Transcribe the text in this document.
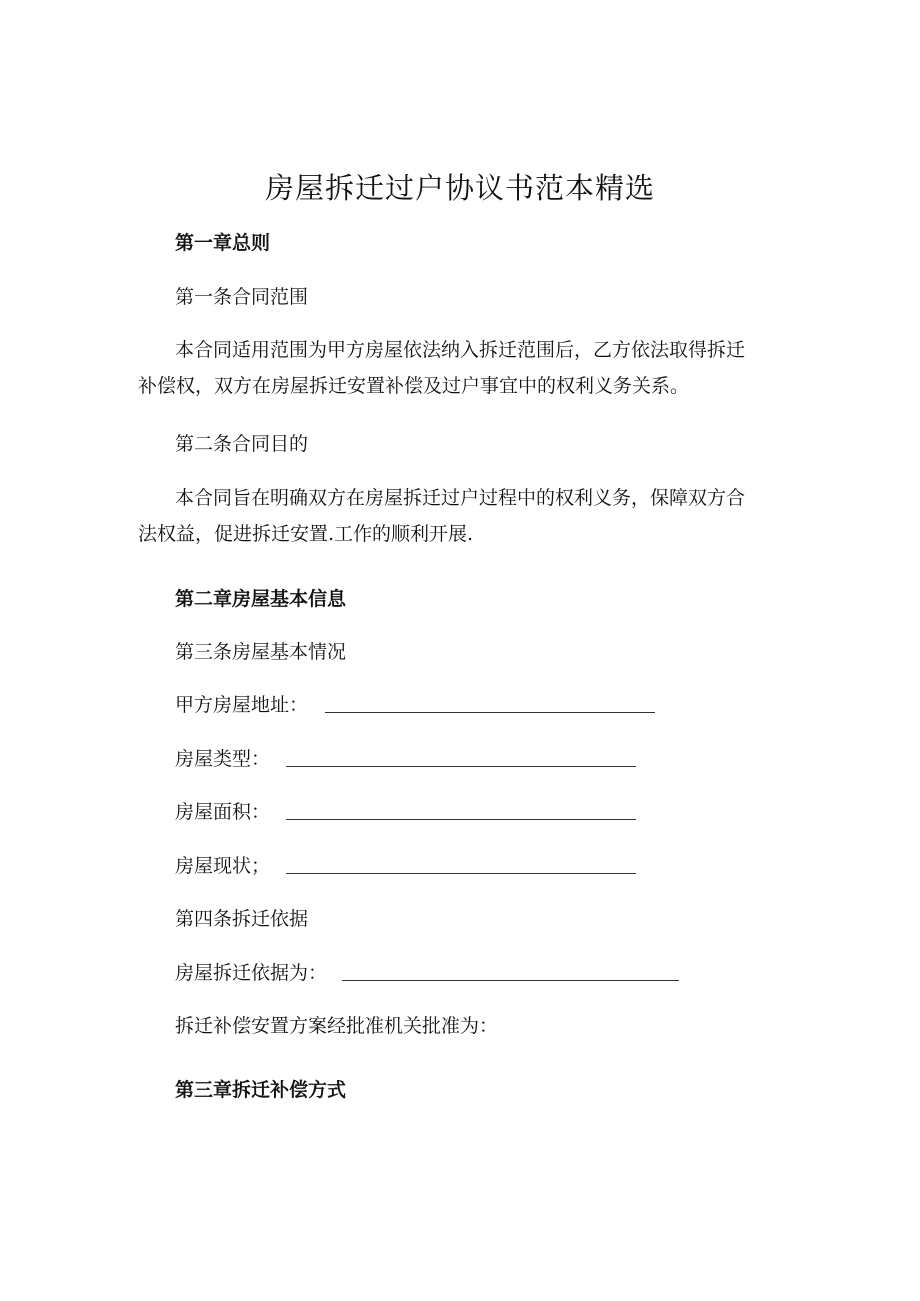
房屋拆迁过户协议书范本精选
第一章总则
第一条合同范围
本合同适用范围为甲方房屋依法纳入拆迁范围后，乙方依法取得拆迁
补偿权，双方在房屋拆迁安置补偿及过户事宜中的权利义务关系。
第二条合同目的
本合同旨在明确双方在房屋拆迁过户过程中的权利义务，保障双方合
法权益，促进拆迁安置.工作的顺利开展.
第二章房屋基本信息
第三条房屋基本情况
甲方房屋地址：
房屋类型：
房屋面积：
房屋现状；
第四条拆迁依据
房屋拆迁依据为：
拆迁补偿安置方案经批准机关批准为：
第三章拆迁补偿方式
